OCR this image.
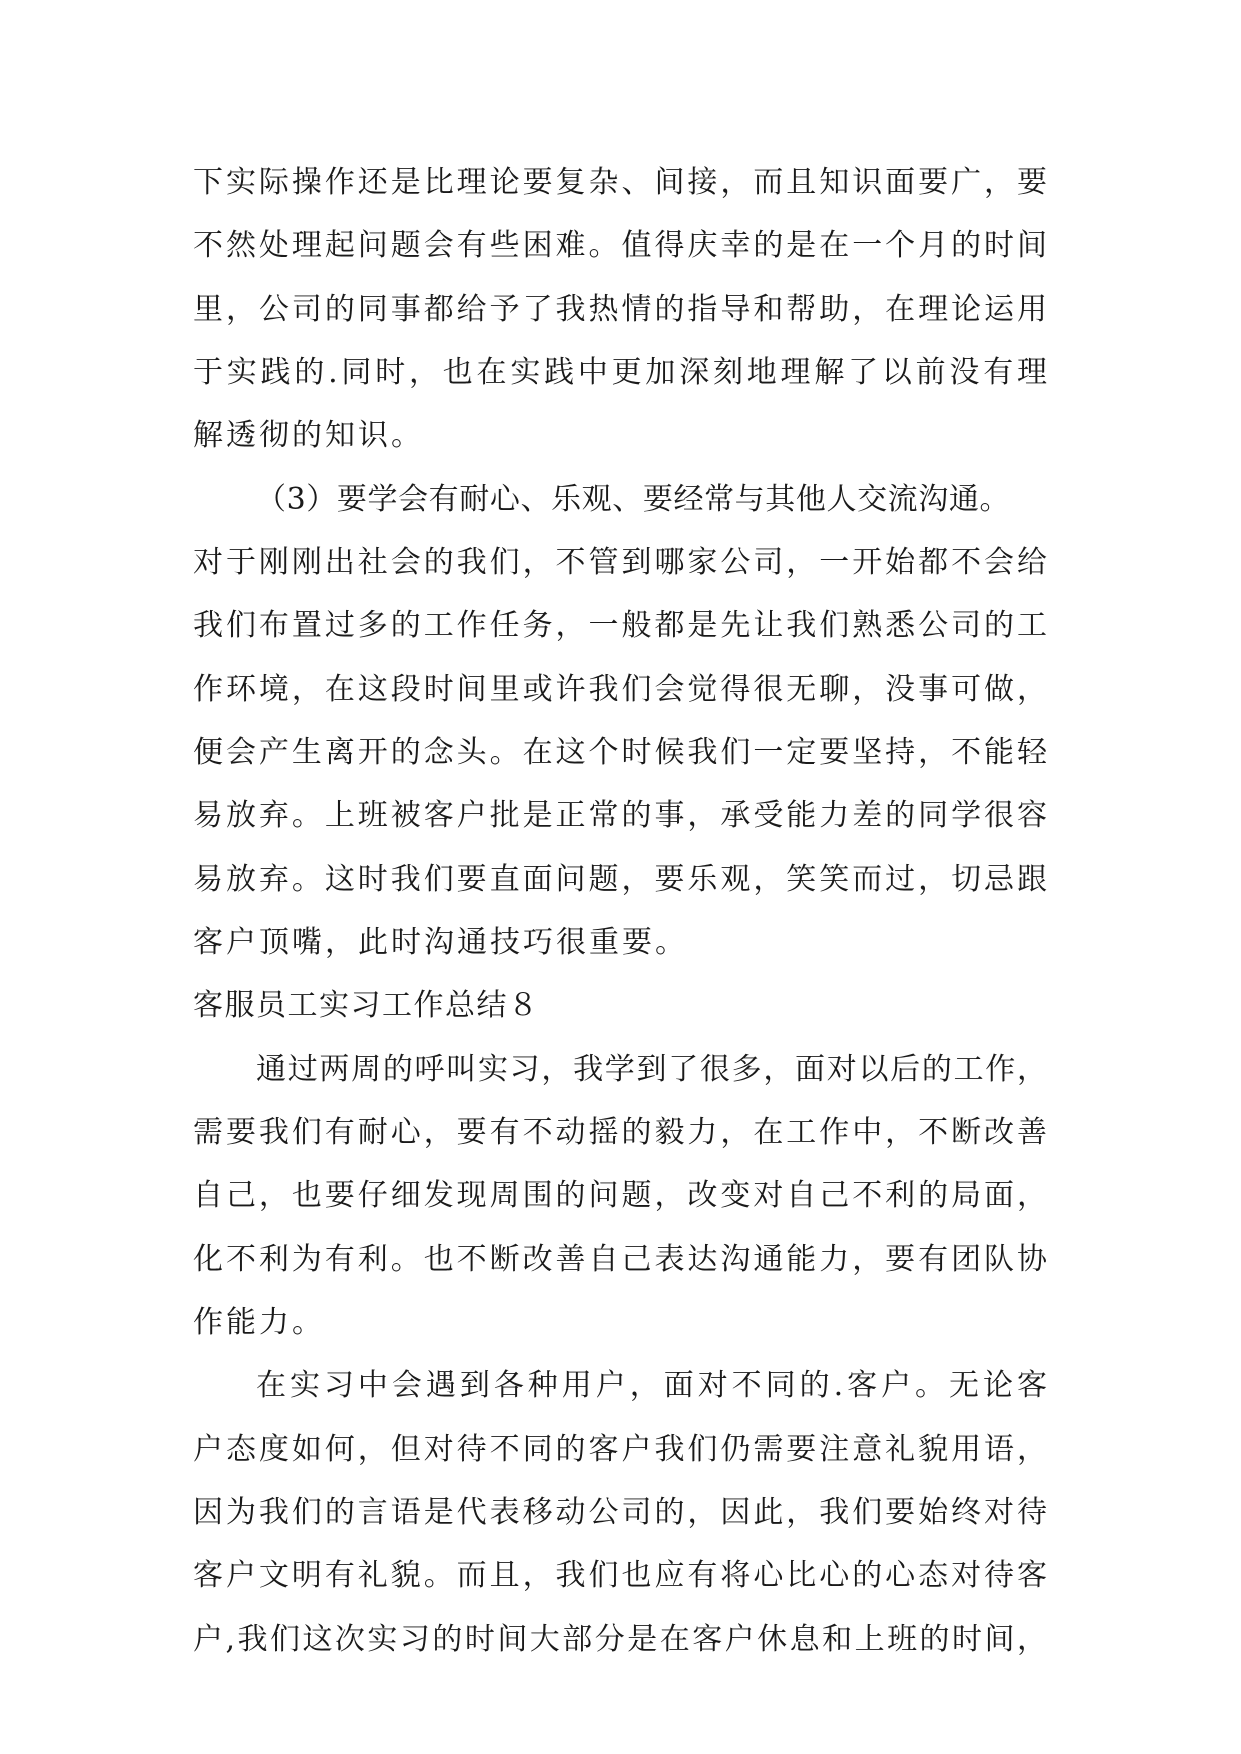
下实际操作还是比理论要复杂、间接，而且知识面要广，要
不然处理起问题会有些困难。值得庆幸的是在一个月的时间
里，公司的同事都给予了我热情的指导和帮助，在理论运用
于实践的.同时，也在实践中更加深刻地理解了以前没有理
解透彻的知识。
（3）要学会有耐心、乐观、要经常与其他人交流沟通。
对于刚刚出社会的我们，不管到哪家公司，一开始都不会给
我们布置过多的工作任务，一般都是先让我们熟悉公司的工
作环境，在这段时间里或许我们会觉得很无聊，没事可做，
便会产生离开的念头。在这个时候我们一定要坚持，不能轻
易放弃。上班被客户批是正常的事，承受能力差的同学很容
易放弃。这时我们要直面问题，要乐观，笑笑而过，切忌跟
客户顶嘴，此时沟通技巧很重要。
客服员工实习工作总结８
通过两周的呼叫实习，我学到了很多，面对以后的工作，
需要我们有耐心，要有不动摇的毅力，在工作中，不断改善
自己，也要仔细发现周围的问题，改变对自己不利的局面，
化不利为有利。也不断改善自己表达沟通能力，要有团队协
作能力。
在实习中会遇到各种用户，面对不同的.客户。无论客
户态度如何，但对待不同的客户我们仍需要注意礼貌用语，
因为我们的言语是代表移动公司的，因此，我们要始终对待
客户文明有礼貌。而且，我们也应有将心比心的心态对待客
户,我们这次实习的时间大部分是在客户休息和上班的时间，
